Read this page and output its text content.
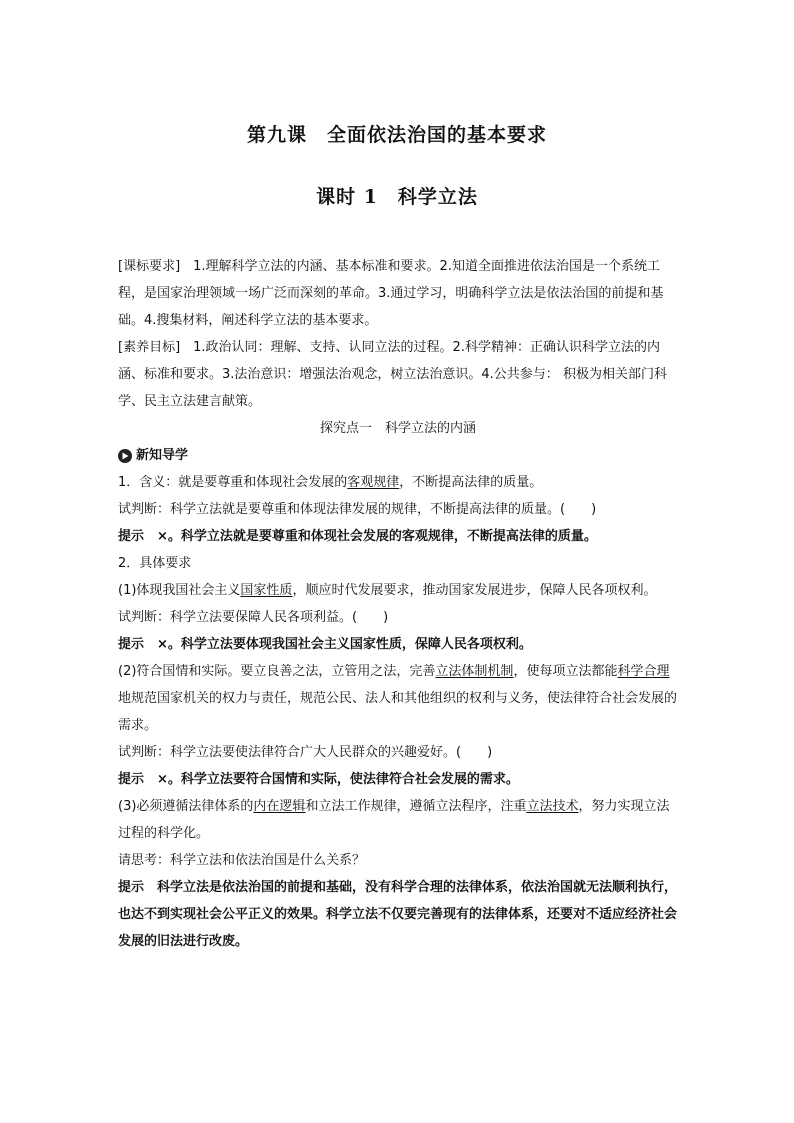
第九课　全面依法治国的基本要求
课时 1　科学立法

[课标要求]　1.理解科学立法的内涵、基本标准和要求。2.知道全面推进依法治国是一个系统工程，是国家治理领域一场广泛而深刻的革命。3.通过学习，明确科学立法是依法治国的前提和基础。4.搜集材料，阐述科学立法的基本要求。

[素养目标]　1.政治认同：理解、支持、认同立法的过程。2.科学精神：正确认识科学立法的内涵、标准和要求。3.法治意识：增强法治观念，树立法治意识。4.公共参与： 积极为相关部门科学、民主立法建言献策。

探究点一　科学立法的内涵

新知导学

1．含义：就是要尊重和体现社会发展的客观规律，不断提高法律的质量。

试判断：科学立法就是要尊重和体现法律发展的规律，不断提高法律的质量。(　　)

提示　×。科学立法就是要尊重和体现社会发展的客观规律，不断提高法律的质量。

2．具体要求

(1)体现我国社会主义国家性质，顺应时代发展要求，推动国家发展进步，保障人民各项权利。

试判断：科学立法要保障人民各项利益。(　　)

提示　×。科学立法要体现我国社会主义国家性质，保障人民各项权利。

(2)符合国情和实际。要立良善之法，立管用之法，完善立法体制机制，使每项立法都能科学合理地规范国家机关的权力与责任，规范公民、法人和其他组织的权利与义务，使法律符合社会发展的需求。

试判断：科学立法要使法律符合广大人民群众的兴趣爱好。(　　)

提示　×。科学立法要符合国情和实际，使法律符合社会发展的需求。

(3)必须遵循法律体系的内在逻辑和立法工作规律，遵循立法程序，注重立法技术，努力实现立法过程的科学化。

请思考：科学立法和依法治国是什么关系？

提示　科学立法是依法治国的前提和基础，没有科学合理的法律体系，依法治国就无法顺利执行，也达不到实现社会公平正义的效果。科学立法不仅要完善现有的法律体系，还要对不适应经济社会发展的旧法进行改废。
